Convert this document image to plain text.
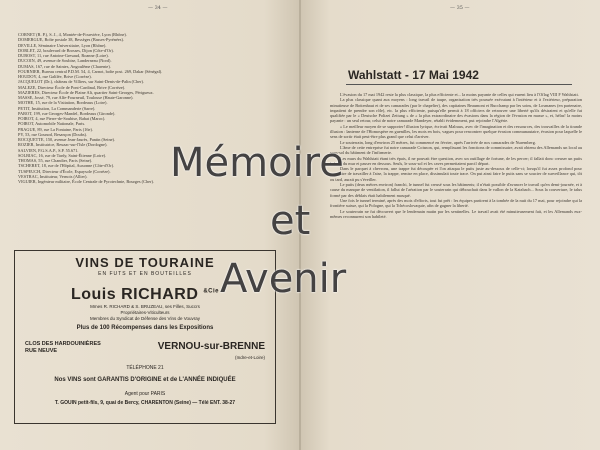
— 34 —
CORNET (R. P.), S. J., 4, Montée-de-Fourvière, Lyon (Rhône).
DOMERGUE, Boîte postale 38, Bessèges (Basses-Pyrénées).
DEVILLE, Séminaire Universitaire, Lyon (Rhône).
DORLET, 22, boulevard de Brosses, Dijon (Côte-d'Or).
DUBOST, 11, rue Antoine-Gresaud, Roanne (Loire).
DUCOIN, 49, avenue de Soubise, Landerneau (Nord).
DUMAS, 167, rue de Saintes, Angoulême (Charente).
FOURNIER, Bureau central P.D.M. 54, 4, Carnot, boîte post. 269, Dakar (Sénégal).
HOUDOY, 4, rue Galilée, Brive (Corrèze).
JACQUELOT (Dr.), château de Villiers, sur Saint-Denis-de-Palin (Cher).
MALEZE, Directeur École de Pont-Cardinal, Brive (Corrèze).
MAZIERES, Directeur École de Plaine Alt, quartier Saint-Georges, Périgueux.
MASSE, Jossé, 79, rue Alfe-Fourneuil, Toulouse (Haute-Garonne).
MOTHE, 15, rue de la Visitation, Bordeaux (Loire).
PETIT, Institution, La Commanderie (Sarre).
PAROT, 199, rue Georges-Mandel, Bordeaux (Gironde).
POIROT, 4, rue Pierre-de-Soubise, Rabat (Maroc).
POIROT, Automobile Nationale, Paris.
PRAGUE, 89, rue La Fontaine, Paris (16e).
PY, 53, rue Gounod, Besançon (Doubs).
ROCQUETTE, 150, avenue Jean-Jaurès, Pantin (Seine).
ROZIER, Institutrice, Reuzac-sur-l'Isle (Dordogne).
SALVIEN, P.G.S.A.P., S.P. 55.671.
SOLBIAC, 16, rue de Tardy, Saint-Étienne (Loire).
THOMAS, 55, rue Chandier, Paris (Seine).
TSCHERET, 18, rue de l'Hôpital, Auxonne (Côte-d'Or).
TUSPEUCH, Directeur d'École, Espaysole (Corrèze).
VESTRAC, Instituteur, Vernois (Allier).
VIGUIER, Ingénieur militaire, École Centrale de Pyrotechnie, Bourges (Cher).
VINS DE TOURAINE
EN FUTS ET EN BOUTEILLES
Louis RICHARD $^{\&Cie}$
Mmes R. RICHARD & S. BRUZEAU, ses Filles, Succrs
Propriétaires-Viticulteurs
Membres du Syndicat de Défense des Vins de Vouvray
Plus de 100 Récompenses dans les Expositions
CLOS DES HARDOUINIÈRES
RUE NEUVE	VERNOU-sur-BRENNE
(Indre-et-Loire)
TÉLÉPHONE 21
Nos VINS sont GARANTIS D'ORIGINE et de L'ANNÉE INDIQUÉE
Agent pour PARIS
T. GOUIN petit-fils, 9, quai de Bercy, CHARENTON (Seine) — Télé ENT. 38-27
— 35 —
Wahlstatt - 17 Mai 1942

L'évasion du 17 mai 1942 reste la plus classique, la plus efficiente et... la moins payante de celles qui eurent lieu à l'Oflag VIII F Wahlstatt.

La plus classique quant aux moyens : long travail de taupe, organisation très poussée exécutant à l'intérieur et à l'extérieur, préparation minutieuse de Bottenhaut et de ses camarades (par le chapelier), des capitaines Beaumont et Bucchamp par les soins, de Losmanes (en partenaire, impatient de prendre son rôle), etc. la plus efficiente, puisqu'elle permit à 18 officiers de retrouver une liberté qu'ils désiraient et qu'elle fut qualifiée par le « Deutsche Polizei Zeitung » de « la plus extraordinaire des évasions dans la région de l'évasion en masse », et, hélas! la moins payante : un seul retour, celui de notre camarade Mandeyer, rétabli évidemment, put rejoindre l'Algérie.

« Le meilleur moyen de se supporter! illusion lyrique, écrivait Malraux, avec de l'imagination et des ressources, des trouvailles de la tirande illusion : lanterne de l'Homospère en guenilles, les mots en bois, vagues pour rencontrer quelque évasion communautaire, évasion pour laquelle le sens de sortir était peut-être plus grand que celui d'arriver.

Le souterrain, long d'environ 25 mètres, fut commencé en février, après l'arrivée de nos camarades de Nuremberg.

L'âme de cette entreprise fut notre camarade Coisnon, qui, remplissant les fonctions de commissaire, avait obtenu des Allemands un local au sous-sol du bâtiment de l'infirmerie.

Les murs du Wahlstatt étant très épais, il ne pouvait être question, avec un outillage de fortune, de les percer; il fallait donc creuser un puits le long du mur et passer en dessous. Seuls, le sous-sol et les caves permettaient parcil départ.

Dans le parquet à chevrons, une trappe fut découpée et l'on attaqua le puits juste au-dessous de celle-ci; lorsqu'il fut assez profond pour permettre de travailler à l'aise, la trappe, remise en place, dissimulait toute trace. On put ainsi faire le puits sans se soucier de surveillance qui, tôt ou tard, aurait pu s'éveiller.

Le puits (deux mètres environ) franchi, le tunnel fut creusé sous les bâtiments; il n'était possible d'avancer le travail qu'en demi-journée, et à cause du manque de ventilation, il fallut de l'aération par le souterrain qui débouchait dans le vallon de la Katzbach... Sous la couverture, le talus formé par des déblais était habilement masqué.

Une fois le tunnel terminé, après des mois d'efforts, tout fut prêt : les équipes partirent à la tombée de la nuit du 17 mai, pour rejoindre qui la frontière suisse, qui la Pologne, qui la Tchécoslovaquie, afin de gagner la liberté.

Le souterrain ne fut découvert que le lendemain matin par les sentinelles. Le travail avait été minutieusement fait, et les Allemands eux-mêmes reconnurent son habileté.

Mémoire
et
Avenir
